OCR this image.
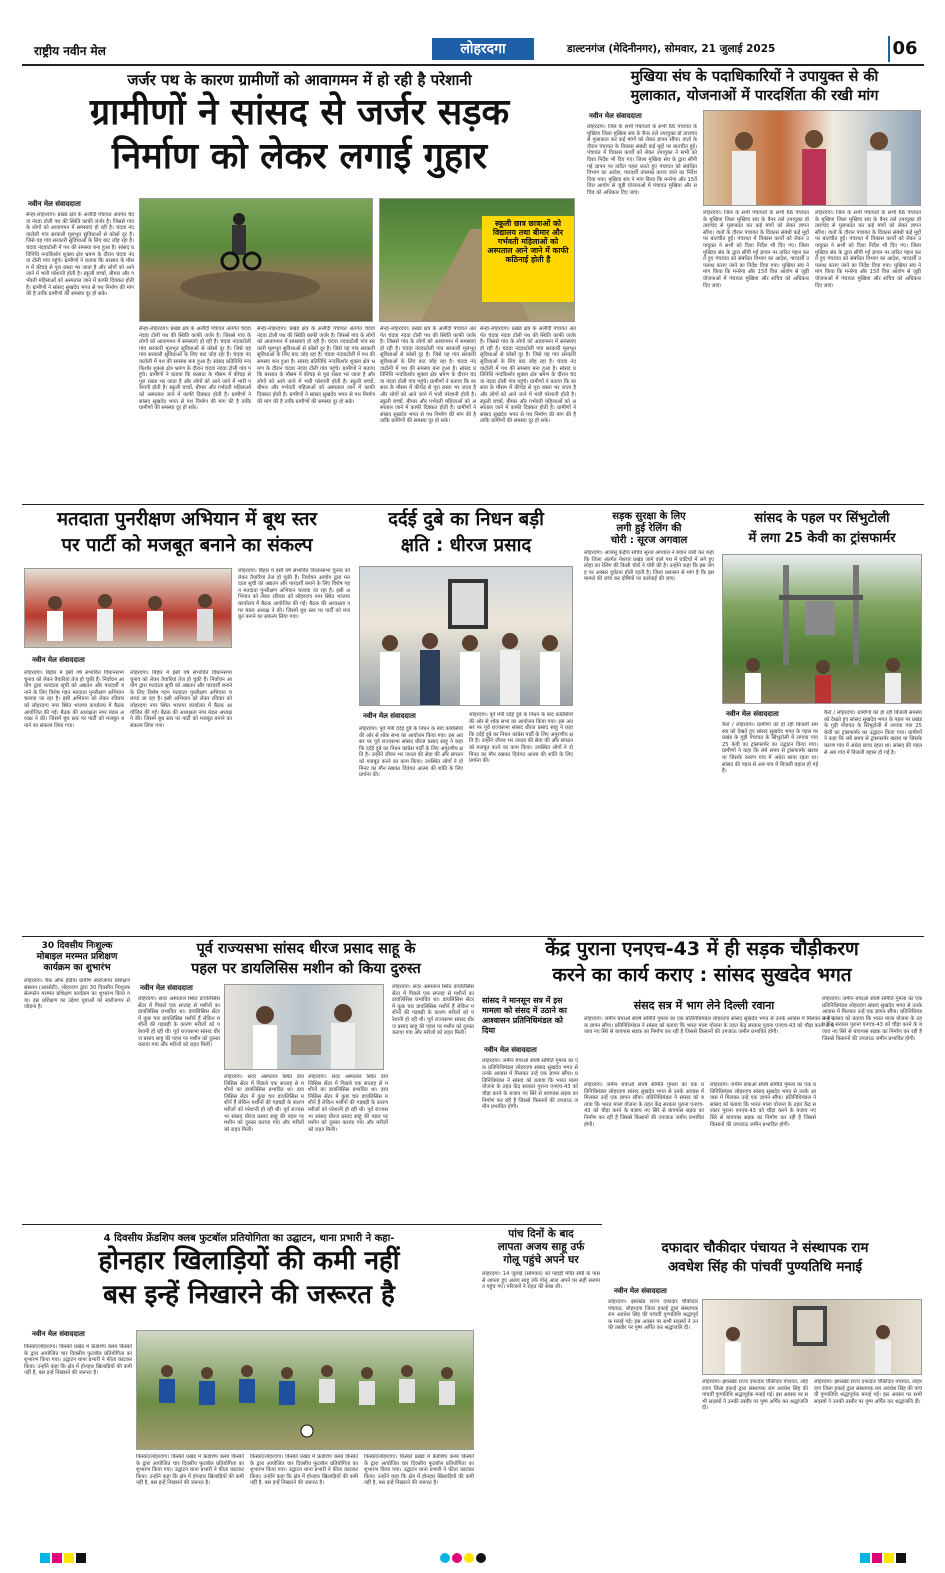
राष्ट्रीय नवीन मेल	लोहरदगा	डाल्टनगंज (मेदिनीनगर), सोमवार, 21 जुलाई 2025	06
जर्जर पथ के कारण ग्रामीणों को आवागमन में हो रही है परेशानी
ग्रामीणों ने सांसद से जर्जर सड़क
निर्माण को लेकर लगाई गुहार
नवीन मेल संवाददाता
सेन्हा-लोहरदगा। प्रखंड क्षेत्र के अलौदी पंचायत अंतर्गत चंदवा नंदवा टोली पथ की स्थिति काफी जर्जर है। जिससे गांव के लोगों को आवागमन में समस्याएं हो रही है। चंदवा नंदवाटोली गांव सरकारी मूलभूत सुविधाओं से कोसों दूर है। जिसे यह गांव सरकारी सुविधाओं के लिए बाट जोह रहा है। चंदवा नंदवाटोली में पथ की समस्या बना हुआ है। सांसद प्रतिनिधि नन्दकिशोर शुक्ला क्षेत्र भ्रमण के दौरान चंदवा नंदवा टोली गांव पहुंचे। ग्रामीणों ने बताया कि बरसात के मौसम में कीचड़ से पूरा रास्ता भर जाता है और लोगों को आने जाने में भारी परेशानी होती है। स्कूली बच्चों, बीमार और गर्भवती महिलाओं को अस्पताल जाने में काफी दिक्कत होती है। ग्रामीणों ने सांसद सुखदेव भगत से पथ निर्माण की मांग की है ताकि ग्रामीणों की समस्या दूर हो सके।
स्कूली छात्र छात्राओं को विद्यालय तथा बीमार और गर्भवती महिलाओं को अस्पताल आने जाने में काफी कठिनाई होती है
सेन्हा-लोहरदगा। प्रखंड क्षेत्र के अलौदी पंचायत अंतर्गत चंदवा नंदवा टोली पथ की स्थिति काफी जर्जर है। जिससे गांव के लोगों को आवागमन में समस्याएं हो रही है। चंदवा नंदवाटोली गांव सरकारी मूलभूत सुविधाओं से कोसों दूर है। जिसे यह गांव सरकारी सुविधाओं के लिए बाट जोह रहा है। चंदवा नंदवाटोली में पथ की समस्या बना हुआ है। सांसद प्रतिनिधि नन्दकिशोर शुक्ला क्षेत्र भ्रमण के दौरान चंदवा नंदवा टोली गांव पहुंचे। ग्रामीणों ने बताया कि बरसात के मौसम में कीचड़ से पूरा रास्ता भर जाता है और लोगों को आने जाने में भारी परेशानी होती है। स्कूली बच्चों, बीमार और गर्भवती महिलाओं को अस्पताल जाने में काफी दिक्कत होती है। ग्रामीणों ने सांसद सुखदेव भगत से पथ निर्माण की मांग की है ताकि ग्रामीणों की समस्या दूर हो सके।
सेन्हा-लोहरदगा। प्रखंड क्षेत्र के अलौदी पंचायत अंतर्गत चंदवा नंदवा टोली पथ की स्थिति काफी जर्जर है। जिससे गांव के लोगों को आवागमन में समस्याएं हो रही है। चंदवा नंदवाटोली गांव सरकारी मूलभूत सुविधाओं से कोसों दूर है। जिसे यह गांव सरकारी सुविधाओं के लिए बाट जोह रहा है। चंदवा नंदवाटोली में पथ की समस्या बना हुआ है। सांसद प्रतिनिधि नन्दकिशोर शुक्ला क्षेत्र भ्रमण के दौरान चंदवा नंदवा टोली गांव पहुंचे। ग्रामीणों ने बताया कि बरसात के मौसम में कीचड़ से पूरा रास्ता भर जाता है और लोगों को आने जाने में भारी परेशानी होती है। स्कूली बच्चों, बीमार और गर्भवती महिलाओं को अस्पताल जाने में काफी दिक्कत होती है। ग्रामीणों ने सांसद सुखदेव भगत से पथ निर्माण की मांग की है ताकि ग्रामीणों की समस्या दूर हो सके।
सेन्हा-लोहरदगा। प्रखंड क्षेत्र के अलौदी पंचायत अंतर्गत चंदवा नंदवा टोली पथ की स्थिति काफी जर्जर है। जिससे गांव के लोगों को आवागमन में समस्याएं हो रही है। चंदवा नंदवाटोली गांव सरकारी मूलभूत सुविधाओं से कोसों दूर है। जिसे यह गांव सरकारी सुविधाओं के लिए बाट जोह रहा है। चंदवा नंदवाटोली में पथ की समस्या बना हुआ है। सांसद प्रतिनिधि नन्दकिशोर शुक्ला क्षेत्र भ्रमण के दौरान चंदवा नंदवा टोली गांव पहुंचे। ग्रामीणों ने बताया कि बरसात के मौसम में कीचड़ से पूरा रास्ता भर जाता है और लोगों को आने जाने में भारी परेशानी होती है। स्कूली बच्चों, बीमार और गर्भवती महिलाओं को अस्पताल जाने में काफी दिक्कत होती है। ग्रामीणों ने सांसद सुखदेव भगत से पथ निर्माण की मांग की है ताकि ग्रामीणों की समस्या दूर हो सके।
सेन्हा-लोहरदगा। प्रखंड क्षेत्र के अलौदी पंचायत अंतर्गत चंदवा नंदवा टोली पथ की स्थिति काफी जर्जर है। जिससे गांव के लोगों को आवागमन में समस्याएं हो रही है। चंदवा नंदवाटोली गांव सरकारी मूलभूत सुविधाओं से कोसों दूर है। जिसे यह गांव सरकारी सुविधाओं के लिए बाट जोह रहा है। चंदवा नंदवाटोली में पथ की समस्या बना हुआ है। सांसद प्रतिनिधि नन्दकिशोर शुक्ला क्षेत्र भ्रमण के दौरान चंदवा नंदवा टोली गांव पहुंचे। ग्रामीणों ने बताया कि बरसात के मौसम में कीचड़ से पूरा रास्ता भर जाता है और लोगों को आने जाने में भारी परेशानी होती है। स्कूली बच्चों, बीमार और गर्भवती महिलाओं को अस्पताल जाने में काफी दिक्कत होती है। ग्रामीणों ने सांसद सुखदेव भगत से पथ निर्माण की मांग की है ताकि ग्रामीणों की समस्या दूर हो सके।
मुखिया संघ के पदाधिकारियों ने उपायुक्त से की
मुलाकात, योजनाओं में पारदर्शिता की रखी मांग
नवीन मेल संवाददाता
लोहरदगा। जिले के सभी पंचायतों के सभी 66 पंचायत के मुखिया जिला मुखिया संघ के बैनर तले उपायुक्त डॉ ताराचंद से मुलाकात कर कई मांगों को लेकर ज्ञापन सौंपा। वार्ता के दौरान पंचायत के विकास संबंधी कई मुद्दों पर बातचीत हुई। पंचायत में विकास कार्यों को लेकर उपायुक्त ने सभी को दिशा निर्देश भी दिए गए। जिला मुखिया संघ के द्वारा सौंपी गई ज्ञापन पर त्वरित पहल करते हुए पंचायत को संबंधित विभाग का आदेश, पारदर्शी उपलब्ध कराए जाने का निर्देश दिया गया। मुखिया संघ ने मांग किया कि मनरेगा और 15वें वित्त आयोग से जुड़ी योजनाओं में पंचायत मुखिया और सचिव को अधिकार दिए जाएं।
लोहरदगा। जिले के सभी पंचायतों के सभी 66 पंचायत के मुखिया जिला मुखिया संघ के बैनर तले उपायुक्त डॉ ताराचंद से मुलाकात कर कई मांगों को लेकर ज्ञापन सौंपा। वार्ता के दौरान पंचायत के विकास संबंधी कई मुद्दों पर बातचीत हुई। पंचायत में विकास कार्यों को लेकर उपायुक्त ने सभी को दिशा निर्देश भी दिए गए। जिला मुखिया संघ के द्वारा सौंपी गई ज्ञापन पर त्वरित पहल करते हुए पंचायत को संबंधित विभाग का आदेश, पारदर्शी उपलब्ध कराए जाने का निर्देश दिया गया। मुखिया संघ ने मांग किया कि मनरेगा और 15वें वित्त आयोग से जुड़ी योजनाओं में पंचायत मुखिया और सचिव को अधिकार दिए जाएं।
लोहरदगा। जिले के सभी पंचायतों के सभी 66 पंचायत के मुखिया जिला मुखिया संघ के बैनर तले उपायुक्त डॉ ताराचंद से मुलाकात कर कई मांगों को लेकर ज्ञापन सौंपा। वार्ता के दौरान पंचायत के विकास संबंधी कई मुद्दों पर बातचीत हुई। पंचायत में विकास कार्यों को लेकर उपायुक्त ने सभी को दिशा निर्देश भी दिए गए। जिला मुखिया संघ के द्वारा सौंपी गई ज्ञापन पर त्वरित पहल करते हुए पंचायत को संबंधित विभाग का आदेश, पारदर्शी उपलब्ध कराए जाने का निर्देश दिया गया। मुखिया संघ ने मांग किया कि मनरेगा और 15वें वित्त आयोग से जुड़ी योजनाओं में पंचायत मुखिया और सचिव को अधिकार दिए जाएं।
मतदाता पुनरीक्षण अभियान में बूथ स्तर
पर पार्टी को मजबूत बनाने का संकल्प
नवीन मेल संवाददाता
लोहरदगा। बिहार में इसी वर्ष संभावित विधानसभा चुनाव को लेकर तैयारियां तेज हो चुकी हैं। निर्वाचन आयोग द्वारा मतदाता सूची को अद्यतन और पारदर्शी बनाने के लिए विशेष गहन मतदाता पुनरीक्षण अभियान चलाया जा रहा है। इसी अभियान को लेकर रविवार को लोहरदगा नगर स्थित भाजपा कार्यालय में बैठक आयोजित की गई। बैठक की अध्यक्षता नगर मंडल अध्यक्ष ने की। जिसमें बूथ स्तर पर पार्टी को मजबूत बनाने का संकल्प लिया गया।
लोहरदगा। बिहार में इसी वर्ष संभावित विधानसभा चुनाव को लेकर तैयारियां तेज हो चुकी हैं। निर्वाचन आयोग द्वारा मतदाता सूची को अद्यतन और पारदर्शी बनाने के लिए विशेष गहन मतदाता पुनरीक्षण अभियान चलाया जा रहा है। इसी अभियान को लेकर रविवार को लोहरदगा नगर स्थित भाजपा कार्यालय में बैठक आयोजित की गई। बैठक की अध्यक्षता नगर मंडल अध्यक्ष ने की। जिसमें बूथ स्तर पर पार्टी को मजबूत बनाने का संकल्प लिया गया।
लोहरदगा। बिहार में इसी वर्ष संभावित विधानसभा चुनाव को लेकर तैयारियां तेज हो चुकी हैं। निर्वाचन आयोग द्वारा मतदाता सूची को अद्यतन और पारदर्शी बनाने के लिए विशेष गहन मतदाता पुनरीक्षण अभियान चलाया जा रहा है। इसी अभियान को लेकर रविवार को लोहरदगा नगर स्थित भाजपा कार्यालय में बैठक आयोजित की गई। बैठक की अध्यक्षता नगर मंडल अध्यक्ष ने की। जिसमें बूथ स्तर पर पार्टी को मजबूत बनाने का संकल्प लिया गया।
दर्दई दुबे का निधन बड़ी
क्षति : धीरज प्रसाद
नवीन मेल संवाददाता
लोहरदगा। पूर्व मंत्री दर्दई दुबे के निधन के बाद कांग्रेसियों की ओर से शोक सभा का आयोजन किया गया। इस अवसर पर पूर्व राज्यसभा सांसद धीरज प्रसाद साहू ने कहा कि दर्दई दुबे का निधन कांग्रेस पार्टी के लिए अपूरणीय क्षति है। उन्होंने जीवन भर जनता की सेवा की और संगठन को मजबूत करने का काम किया। उपस्थित लोगों ने दो मिनट का मौन रखकर दिवंगत आत्मा की शांति के लिए प्रार्थना की।
लोहरदगा। पूर्व मंत्री दर्दई दुबे के निधन के बाद कांग्रेसियों की ओर से शोक सभा का आयोजन किया गया। इस अवसर पर पूर्व राज्यसभा सांसद धीरज प्रसाद साहू ने कहा कि दर्दई दुबे का निधन कांग्रेस पार्टी के लिए अपूरणीय क्षति है। उन्होंने जीवन भर जनता की सेवा की और संगठन को मजबूत करने का काम किया। उपस्थित लोगों ने दो मिनट का मौन रखकर दिवंगत आत्मा की शांति के लिए प्रार्थना की।
सड़क सुरक्षा के लिए
लगी हुई रेलिंग की
चोरी : सूरज अगवाल
लोहरदगा। आजसू केंद्रीय सचिव सूरज अगवाल ने बयान जारी कर कहा कि जिला अंतर्गत पेशरार प्रखंड जाने वाले पथ में घाटियों में लगे हुए लोहा का रेलिंग की किसी चोरों ने चोरी की है। उन्होंने कहा कि इस जगह पर अक्सर दुर्घटना होती रहती है। जिला प्रशासन से मांग है कि इस मामले की जांच कर दोषियों पर कार्रवाई की जाए।
सांसद के पहल पर सिंभुटोली
में लगा 25 केवी का ट्रांसफार्मर
नवीन मेल संवाददाता
कैरो / लोहरदगा। ग्रामीणों को हो रही बिजली समस्या को देखते हुए सांसद सुखदेव भगत के पहल पर प्रखंड के गुड़ी पंचायत के सिंभुटोली में लगाया गया 25 केवी का ट्रांसफार्मर का उद्घाटन किया गया। ग्रामीणों ने कहा कि लंबे समय से ट्रांसफार्मर खराब था जिसके कारण गांव में अंधेरा छाया रहता था। सांसद की पहल से अब गांव में बिजली बहाल हो गई है।
कैरो / लोहरदगा। ग्रामीणों को हो रही बिजली समस्या को देखते हुए सांसद सुखदेव भगत के पहल पर प्रखंड के गुड़ी पंचायत के सिंभुटोली में लगाया गया 25 केवी का ट्रांसफार्मर का उद्घाटन किया गया। ग्रामीणों ने कहा कि लंबे समय से ट्रांसफार्मर खराब था जिसके कारण गांव में अंधेरा छाया रहता था। सांसद की पहल से अब गांव में बिजली बहाल हो गई है।
30 दिवसीय निःशुल्क
मोबाइल मरम्मत प्रशिक्षण
कार्यक्रम का शुभारंभ
लोहरदगा। बैंक ऑफ इंडिया ग्रामीण स्वरोजगार प्रशिक्षण संस्थान (आरसेटी), लोहरदगा द्वारा 30 दिवसीय निःशुल्क सेलफोन मरम्मत प्रशिक्षण कार्यक्रम का शुभारंभ किया गया। इस प्रशिक्षण का उद्देश्य युवाओं को स्वरोजगार से जोड़ना है।
पूर्व राज्यसभा सांसद धीरज प्रसाद साहू के
पहल पर डायलिसिस मशीन को किया दुरुस्त
नवीन मेल संवाददाता
लोहरदगा। सदर अस्पताल स्थित डायलिसिस सेंटर में पिछले एक सप्ताह से मशीनों का डायलिसिस प्रभावित था। डायलिसिस सेंटर में कुछ चार डायलिसिस मशीनें हैं लेकिन मशीनों की गड़बड़ी के कारण मरीजों को परेशानी हो रही थी। पूर्व राज्यसभा सांसद धीरज प्रसाद साहू की पहल पर मशीन को दुरुस्त कराया गया और मरीजों को राहत मिली।
लोहरदगा। सदर अस्पताल स्थित डायलिसिस सेंटर में पिछले एक सप्ताह से मशीनों का डायलिसिस प्रभावित था। डायलिसिस सेंटर में कुछ चार डायलिसिस मशीनें हैं लेकिन मशीनों की गड़बड़ी के कारण मरीजों को परेशानी हो रही थी। पूर्व राज्यसभा सांसद धीरज प्रसाद साहू की पहल पर मशीन को दुरुस्त कराया गया और मरीजों को राहत मिली।
लोहरदगा। सदर अस्पताल स्थित डायलिसिस सेंटर में पिछले एक सप्ताह से मशीनों का डायलिसिस प्रभावित था। डायलिसिस सेंटर में कुछ चार डायलिसिस मशीनें हैं लेकिन मशीनों की गड़बड़ी के कारण मरीजों को परेशानी हो रही थी। पूर्व राज्यसभा सांसद धीरज प्रसाद साहू की पहल पर मशीन को दुरुस्त कराया गया और मरीजों को राहत मिली।
लोहरदगा। सदर अस्पताल स्थित डायलिसिस सेंटर में पिछले एक सप्ताह से मशीनों का डायलिसिस प्रभावित था। डायलिसिस सेंटर में कुछ चार डायलिसिस मशीनें हैं लेकिन मशीनों की गड़बड़ी के कारण मरीजों को परेशानी हो रही थी। पूर्व राज्यसभा सांसद धीरज प्रसाद साहू की पहल पर मशीन को दुरुस्त कराया गया और मरीजों को राहत मिली।
केंद्र पुराना एनएच-43 में ही सड़क चौड़ीकरण
करने का कार्य कराए : सांसद सुखदेव भगत
सांसद ने मानसून सत्र में इस मामला को संसद में उठाने का आश्वासन प्रतिनिधिमंडल को दिया
नवीन मेल संवाददाता
लोहरदगा। जमीन बचाओ संघर्ष समिति गुमला का एक प्रतिनिधिमंडल लोहरदगा सांसद सुखदेव भगत से उनके आवास में मिलकर उन्हें एक ज्ञापन सौंपा। प्रतिनिधिमंडल ने सांसद को बताया कि भारत माला योजना के तहत केंद्र सरकार पुराना एनएच-43 को चौड़ा करने के बजाय नए सिरे से बायपास सड़क का निर्माण कर रही है जिससे किसानों की उपजाऊ जमीन प्रभावित होगी।
संसद सत्र में भाग लेने दिल्ली रवाना
लोहरदगा। जमीन बचाओ संघर्ष समिति गुमला का एक प्रतिनिधिमंडल लोहरदगा सांसद सुखदेव भगत से उनके आवास में मिलकर उन्हें एक ज्ञापन सौंपा। प्रतिनिधिमंडल ने सांसद को बताया कि भारत माला योजना के तहत केंद्र सरकार पुराना एनएच-43 को चौड़ा करने के बजाय नए सिरे से बायपास सड़क का निर्माण कर रही है जिससे किसानों की उपजाऊ जमीन प्रभावित होगी।
लोहरदगा। जमीन बचाओ संघर्ष समिति गुमला का एक प्रतिनिधिमंडल लोहरदगा सांसद सुखदेव भगत से उनके आवास में मिलकर उन्हें एक ज्ञापन सौंपा। प्रतिनिधिमंडल ने सांसद को बताया कि भारत माला योजना के तहत केंद्र सरकार पुराना एनएच-43 को चौड़ा करने के बजाय नए सिरे से बायपास सड़क का निर्माण कर रही है जिससे किसानों की उपजाऊ जमीन प्रभावित होगी।
लोहरदगा। जमीन बचाओ संघर्ष समिति गुमला का एक प्रतिनिधिमंडल लोहरदगा सांसद सुखदेव भगत से उनके आवास में मिलकर उन्हें एक ज्ञापन सौंपा। प्रतिनिधिमंडल ने सांसद को बताया कि भारत माला योजना के तहत केंद्र सरकार पुराना एनएच-43 को चौड़ा करने के बजाय नए सिरे से बायपास सड़क का निर्माण कर रही है जिससे किसानों की उपजाऊ जमीन प्रभावित होगी।
लोहरदगा। जमीन बचाओ संघर्ष समिति गुमला का एक प्रतिनिधिमंडल लोहरदगा सांसद सुखदेव भगत से उनके आवास में मिलकर उन्हें एक ज्ञापन सौंपा। प्रतिनिधिमंडल ने सांसद को बताया कि भारत माला योजना के तहत केंद्र सरकार पुराना एनएच-43 को चौड़ा करने के बजाय नए सिरे से बायपास सड़क का निर्माण कर रही है जिससे किसानों की उपजाऊ जमीन प्रभावित होगी।
पांच दिनों के बाद
लापता अजय साहू उर्फ
गोलू पहुंचे अपने घर
लोहरदगा। 14 जुलाई (सोमवार) को पहाड़ी मंदिर संघी के पास से लापता हुए अजय साहू उर्फ गोलू आज अपने घर सही सलामत पहुंच गए। परिजनों ने राहत की सांस ली।
4 दिवसीय फ्रेंडशिप क्लब फुटबॉल प्रतियोगिता का उद्घाटन, थाना प्रभारी ने कहा-
होनहार खिलाड़ियों की कमी नहीं
बस इन्हें निखारने की जरूरत है
नवीन मेल संवाददाता
किस्को/लोहरदगा। किस्को प्रखंड में फ्रेंडशिप क्लब किस्को के द्वारा आयोजित चार दिवसीय फुटबॉल प्रतियोगिता का शुभारंभ किया गया। उद्घाटन थाना प्रभारी ने फीता काटकर किया। उन्होंने कहा कि क्षेत्र में होनहार खिलाड़ियों की कमी नहीं है, बस इन्हें निखारने की जरूरत है।
किस्को/लोहरदगा। किस्को प्रखंड में फ्रेंडशिप क्लब किस्को के द्वारा आयोजित चार दिवसीय फुटबॉल प्रतियोगिता का शुभारंभ किया गया। उद्घाटन थाना प्रभारी ने फीता काटकर किया। उन्होंने कहा कि क्षेत्र में होनहार खिलाड़ियों की कमी नहीं है, बस इन्हें निखारने की जरूरत है।
किस्को/लोहरदगा। किस्को प्रखंड में फ्रेंडशिप क्लब किस्को के द्वारा आयोजित चार दिवसीय फुटबॉल प्रतियोगिता का शुभारंभ किया गया। उद्घाटन थाना प्रभारी ने फीता काटकर किया। उन्होंने कहा कि क्षेत्र में होनहार खिलाड़ियों की कमी नहीं है, बस इन्हें निखारने की जरूरत है।
किस्को/लोहरदगा। किस्को प्रखंड में फ्रेंडशिप क्लब किस्को के द्वारा आयोजित चार दिवसीय फुटबॉल प्रतियोगिता का शुभारंभ किया गया। उद्घाटन थाना प्रभारी ने फीता काटकर किया। उन्होंने कहा कि क्षेत्र में होनहार खिलाड़ियों की कमी नहीं है, बस इन्हें निखारने की जरूरत है।
दफादार चौकीदार पंचायत ने संस्थापक राम
अवधेश सिंह की पांचवीं पुण्यतिथि मनाई
नवीन मेल संवाददाता
लोहरदगा। झारखंड राज्य दफादार चौकीदार पंचायत, लोहरदगा जिला इकाई द्वारा संस्थापक राम अवधेश सिंह की पांचवीं पुण्यतिथि श्रद्धापूर्वक मनाई गई। इस अवसर पर सभी सदस्यों ने उनकी तस्वीर पर पुष्प अर्पित कर श्रद्धांजलि दी।
लोहरदगा। झारखंड राज्य दफादार चौकीदार पंचायत, लोहरदगा जिला इकाई द्वारा संस्थापक राम अवधेश सिंह की पांचवीं पुण्यतिथि श्रद्धापूर्वक मनाई गई। इस अवसर पर सभी सदस्यों ने उनकी तस्वीर पर पुष्प अर्पित कर श्रद्धांजलि दी।
लोहरदगा। झारखंड राज्य दफादार चौकीदार पंचायत, लोहरदगा जिला इकाई द्वारा संस्थापक राम अवधेश सिंह की पांचवीं पुण्यतिथि श्रद्धापूर्वक मनाई गई। इस अवसर पर सभी सदस्यों ने उनकी तस्वीर पर पुष्प अर्पित कर श्रद्धांजलि दी।
